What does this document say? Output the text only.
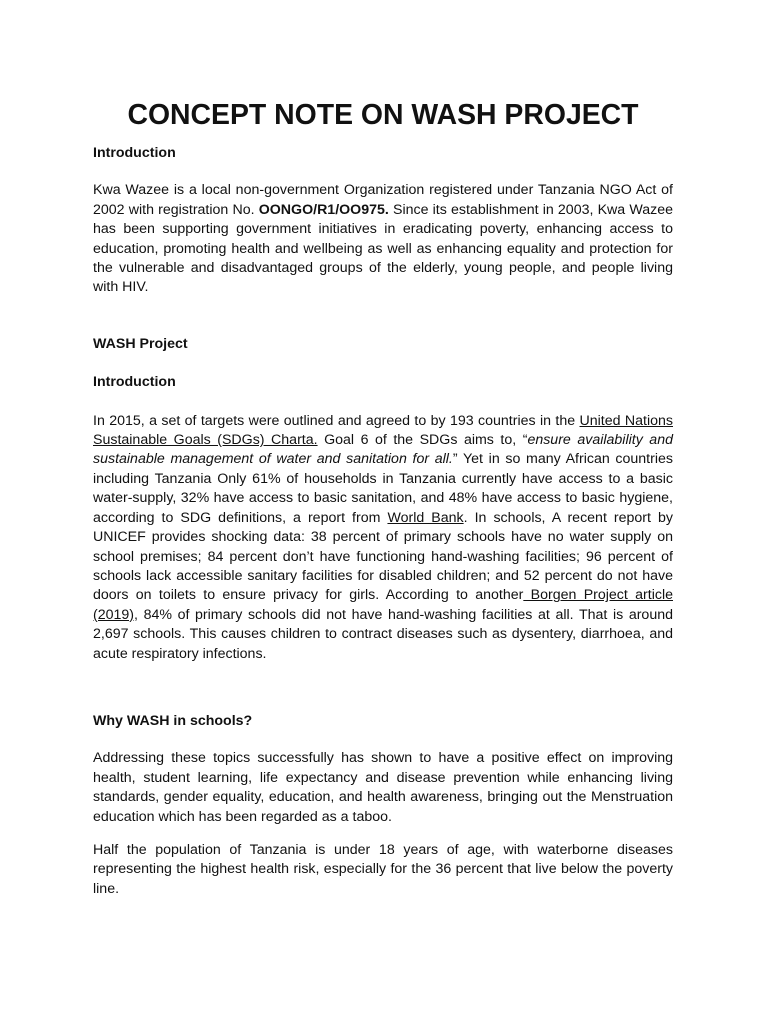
CONCEPT NOTE ON WASH PROJECT
Introduction

Kwa Wazee is a local non-government Organization registered under Tanzania NGO Act of 2002 with registration No. OONGO/R1/OO975. Since its establishment in 2003, Kwa Wazee has been supporting government initiatives in eradicating poverty, enhancing access to education, promoting health and wellbeing as well as enhancing equality and protection for the vulnerable and disadvantaged groups of the elderly, young people, and people living with HIV.

WASH Project
Introduction

In 2015, a set of targets were outlined and agreed to by 193 countries in the United Nations Sustainable Goals (SDGs) Charta. Goal 6 of the SDGs aims to, “ensure availability and sustainable management of water and sanitation for all.” Yet in so many African countries including Tanzania Only 61% of households in Tanzania currently have access to a basic water-supply, 32% have access to basic sanitation, and 48% have access to basic hygiene, according to SDG definitions, a report from World Bank. In schools, A recent report by UNICEF provides shocking data: 38 percent of primary schools have no water supply on school premises; 84 percent don’t have functioning hand-washing facilities; 96 percent of schools lack accessible sanitary facilities for disabled children; and 52 percent do not have doors on toilets to ensure privacy for girls. According to another Borgen Project article (2019), 84% of primary schools did not have hand-washing facilities at all. That is around 2,697 schools. This causes children to contract diseases such as dysentery, diarrhoea, and acute respiratory infections.

Why WASH in schools?

Addressing these topics successfully has shown to have a positive effect on improving health, student learning, life expectancy and disease prevention while enhancing living standards, gender equality, education, and health awareness, bringing out the Menstruation education which has been regarded as a taboo.

Half the population of Tanzania is under 18 years of age, with waterborne diseases representing the highest health risk, especially for the 36 percent that live below the poverty line.
